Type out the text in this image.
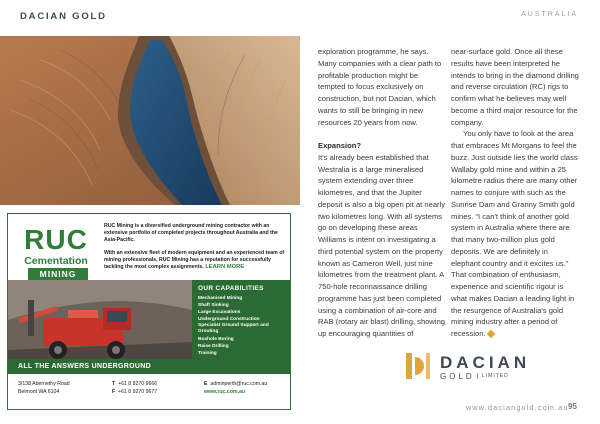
DACIAN GOLD	AUSTRALIA
RUC
Cementation
MINING
RUC Mining is a diversified underground mining contractor with an extensive portfolio of completed projects throughout Australia and the Asia-Pacific.
With an extensive fleet of modern equipment and an experienced team of mining professionals, RUC Mining has a reputation for successfully tackling the most complex assignments. LEARN MORE
OUR CAPABILITIES
Mechanised Mining
Shaft Sinking
Large Excavations
Underground Construction
Specialist Ground Support and Grouting
Boxhole Boring
Raise Drilling
Training
ALL THE ANSWERS UNDERGROUND
3/138 Abernethy Road
Belmont WA 6104
T +61 8 9270 9666
F +61 8 9270 9677
E adminperth@ruc.com.au
www.ruc.com.au

exploration programme, he says. Many companies with a clear path to profitable production might be tempted to focus exclusively on construction, but not Dacian, which wants to still be bringing in new resources 20 years from now.

Expansion?

It's already been established that Westralia is a large mineralised system extending over three kilometres, and that the Jupiter deposit is also a big open pit at nearly two kilometres long. With all systems go on developing these areas Williams is intent on investigating a third potential system on the property known as Cameron Well, just nine kilometres from the treatment plant. A 750-hole reconnaissance drilling programme has just been completed using a combination of air-core and RAB (rotary air blast) drilling, showing up encouraging quantities of

near-surface gold. Once all these results have been interpreted he intends to bring in the diamond drilling and reverse circulation (RC) rigs to confirm what he believes may well become a third major resource for the company.

You only have to look at the area that embraces Mt Morgans to feel the buzz. Just outside lies the world class Wallaby gold mine and within a 25 kilometre radius there are many other names to conjure with such as the Sunrise Dam and Granny Smith gold mines. “I can't think of another gold system in Australia where there are that many two-million plus gold deposits. We are definitely in elephant country and it excites us.” That combination of enthusiasm, experience and scientific rigour is what makes Dacian a leading light in the resurgence of Australia's gold mining industry after a period of recession.

DACIAN
GOLD	LIMITED
www.daciangold.com.au 95
